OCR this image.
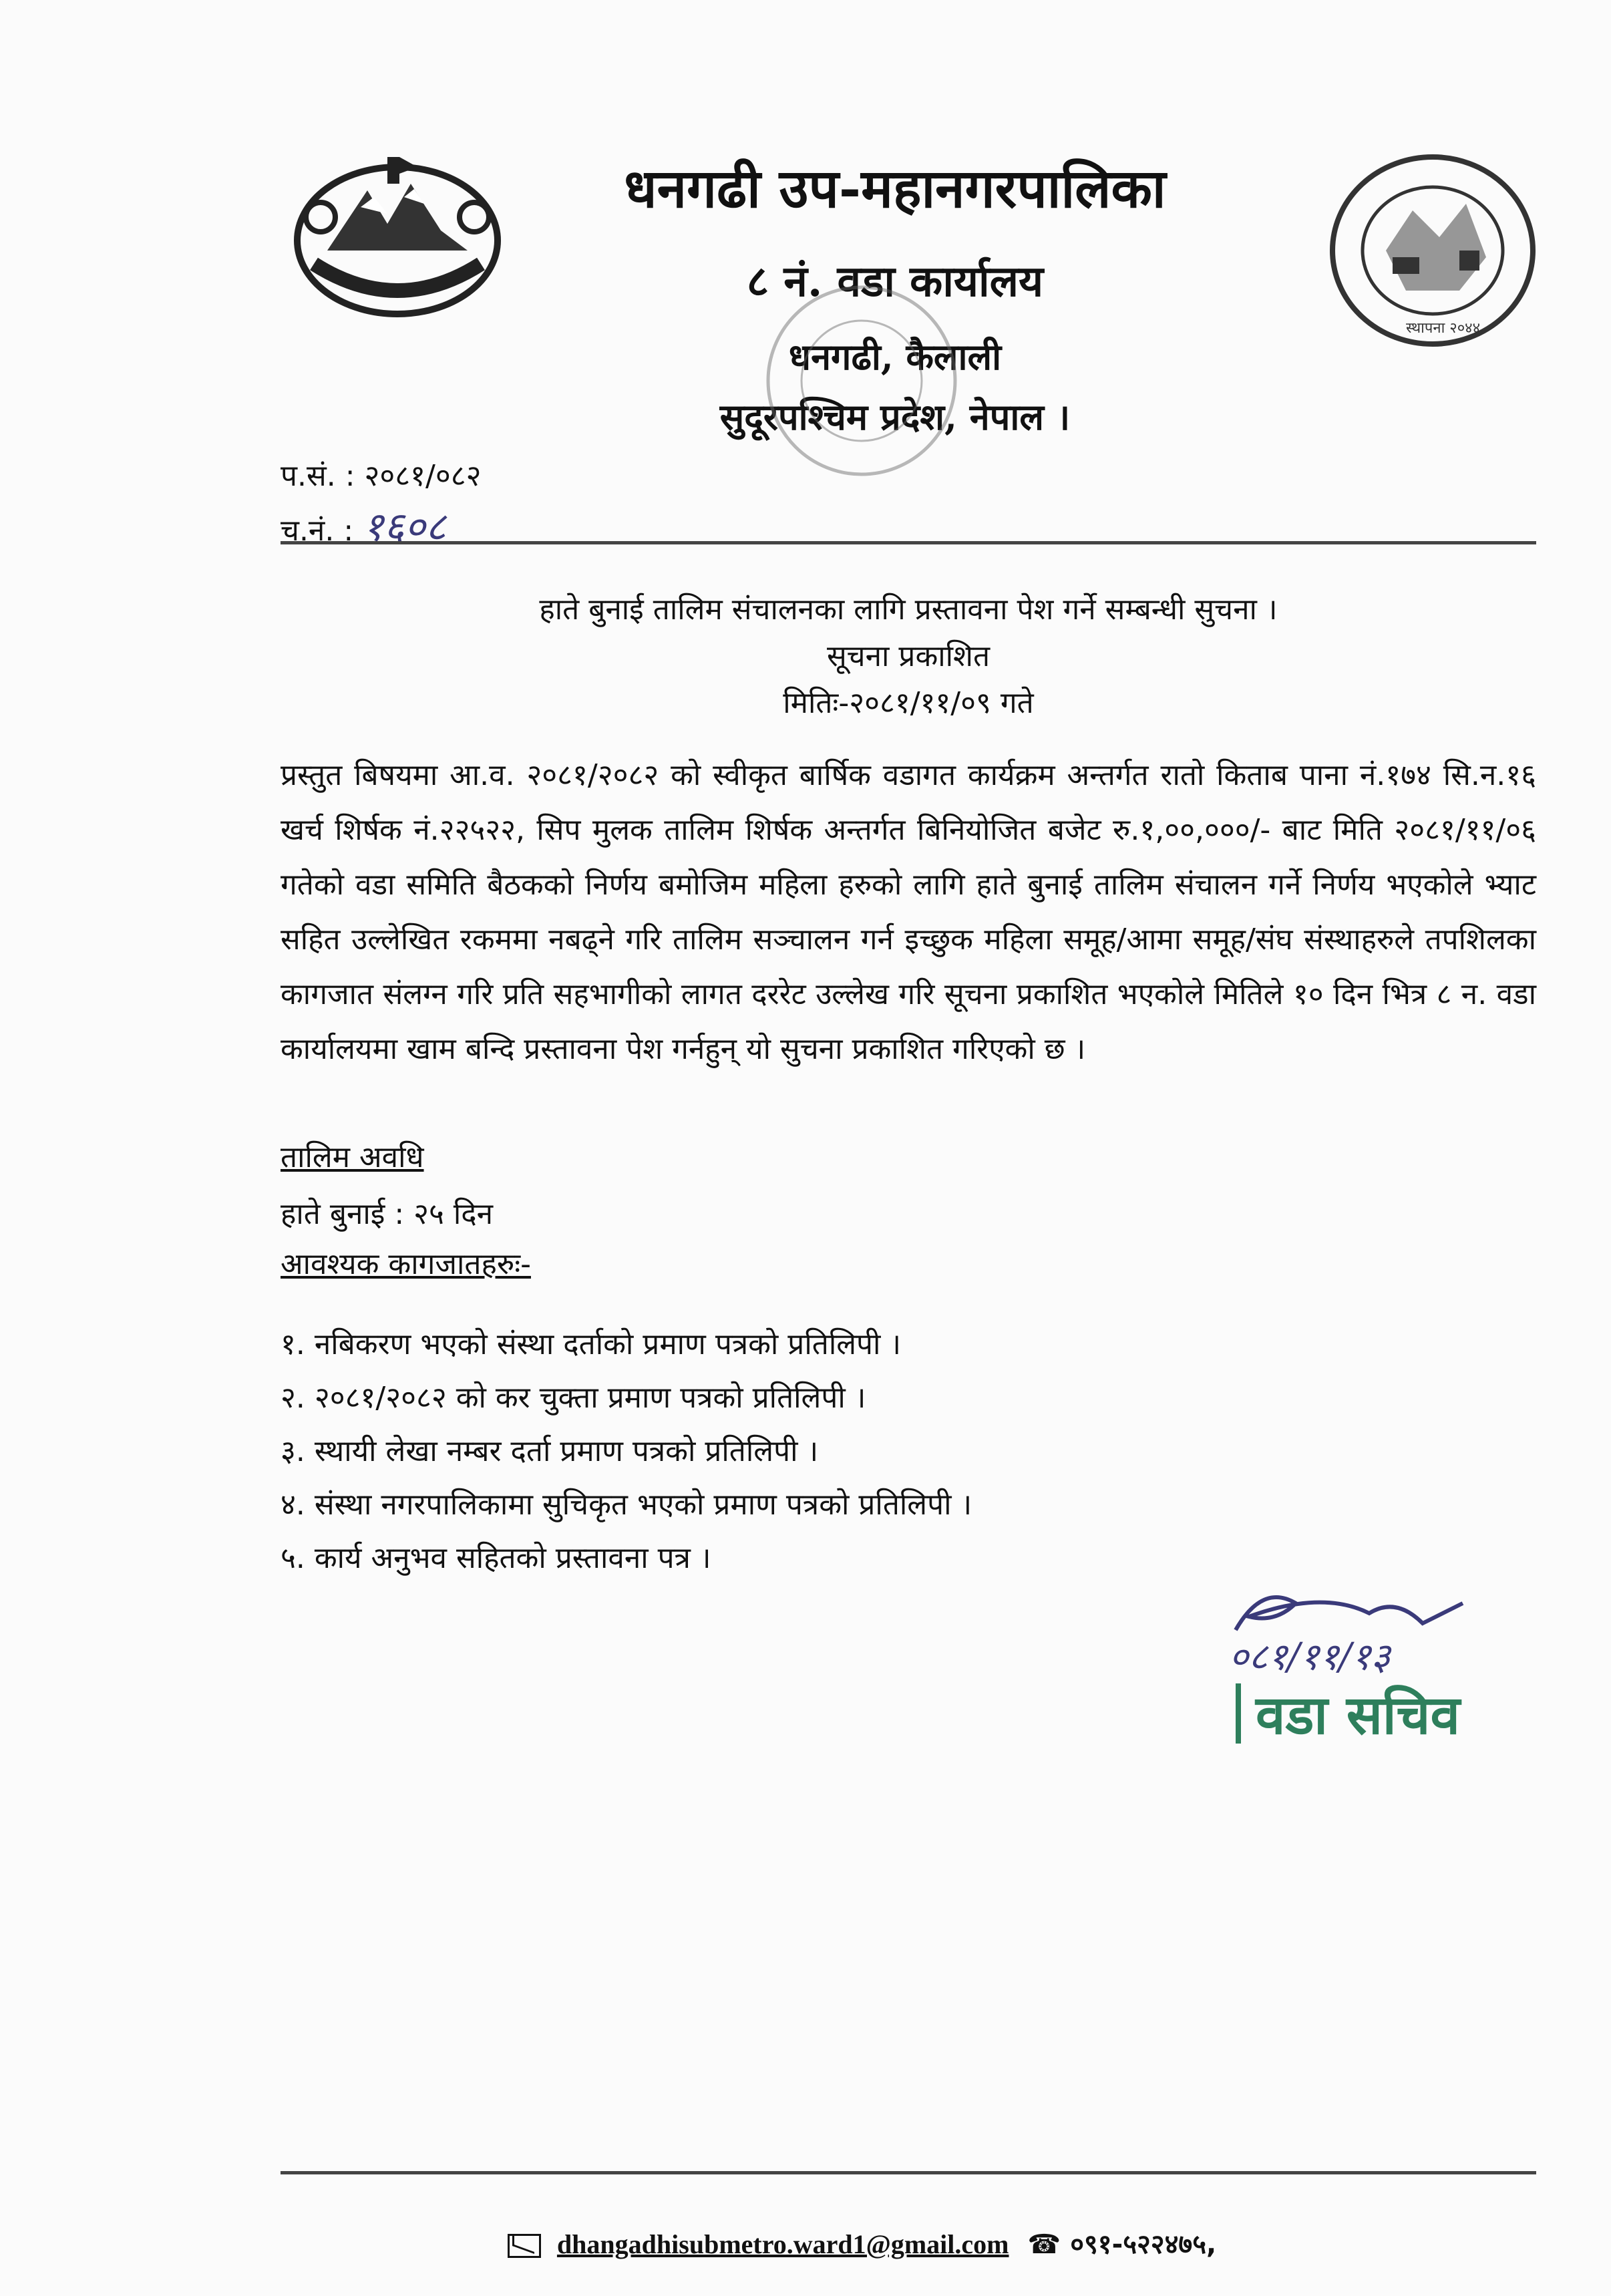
धनगढी उप-महानगरपालिका
८ नं. वडा कार्यालय
धनगढी, कैलाली
सुदूरपश्चिम प्रदेश, नेपाल ।
स्थापना २०४४
प.सं. : २०८१/०८२
च.नं. : १६०८
हाते बुनाई तालिम संचालनका लागि प्रस्तावना पेश गर्ने सम्बन्धी सुचना ।
सूचना प्रकाशित
मितिः-२०८१/११/०९ गते
प्रस्तुत बिषयमा आ.व. २०८१/२०८२ को स्वीकृत बार्षिक वडागत कार्यक्रम अन्तर्गत रातो किताब पाना नं.१७४ सि.न.१६ खर्च शिर्षक नं.२२५२२, सिप मुलक तालिम शिर्षक अन्तर्गत बिनियोजित बजेट रु.१,००,०००/- बाट मिति २०८१/११/०६ गतेको वडा समिति बैठकको निर्णय बमोजिम महिला हरुको लागि हाते बुनाई तालिम संचालन गर्ने निर्णय भएकोले भ्याट सहित उल्लेखित रकममा नबढ्ने गरि तालिम सञ्चालन गर्न इच्छुक महिला समूह/आमा समूह/संघ संस्थाहरुले तपशिलका कागजात संलग्न गरि प्रति सहभागीको लागत दररेट उल्लेख गरि सूचना प्रकाशित भएकोले मितिले १० दिन भित्र ८ न. वडा कार्यालयमा खाम बन्दि प्रस्तावना पेश गर्नहुन् यो सुचना प्रकाशित गरिएको छ ।
तालिम अवधि
हाते बुनाई : २५ दिन
आवश्यक कागजातहरुः-
१. नबिकरण भएको संस्था दर्ताको प्रमाण पत्रको प्रतिलिपी ।
२. २०८१/२०८२ को कर चुक्ता प्रमाण पत्रको प्रतिलिपी ।
३. स्थायी लेखा नम्बर दर्ता प्रमाण पत्रको प्रतिलिपी ।
४. संस्था नगरपालिकामा सुचिकृत भएको प्रमाण पत्रको प्रतिलिपी ।
५. कार्य अनुभव सहितको प्रस्तावना पत्र ।
०८१/११/१३
वडा सचिव
dhangadhisubmetro.ward1@gmail.com ☎ ०९१-५२२४७५,
